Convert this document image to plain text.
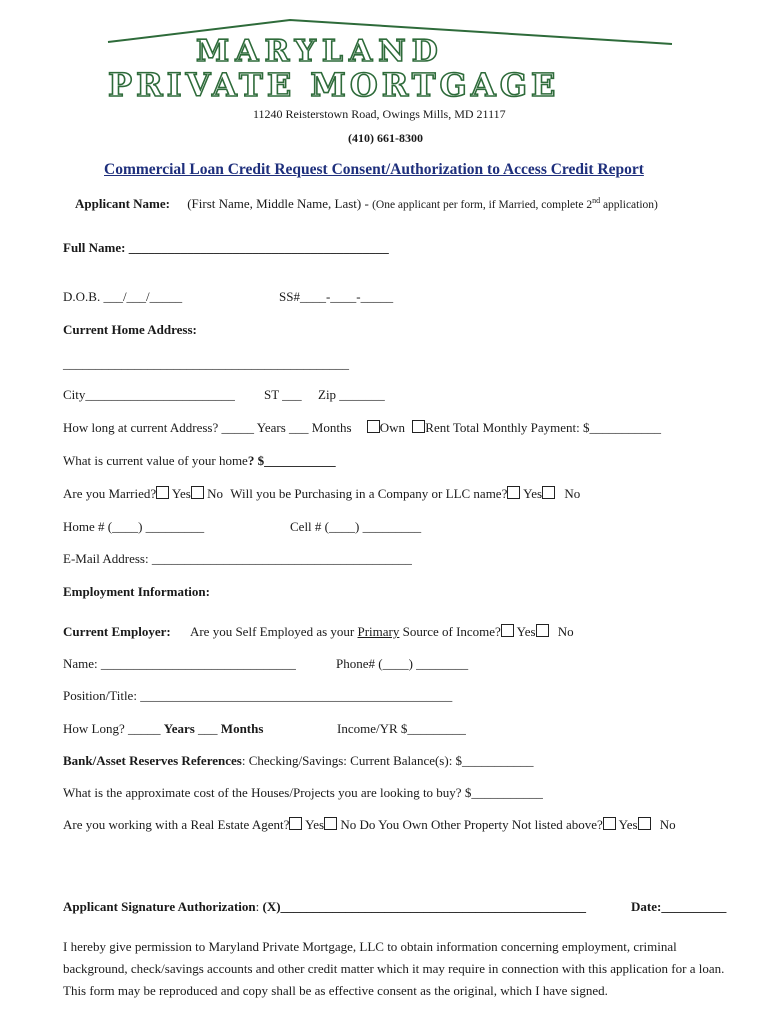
MARYLAND
PRIVATE MORTGAGE
11240 Reisterstown Road, Owings Mills, MD 21117
(410) 661-8300
Commercial Loan Credit Request Consent/Authorization to Access Credit Report
Applicant Name: (First Name, Middle Name, Last) - (One applicant per form, if Married, complete 2nd application)
Full Name: ________________________________________
D.O.B. ___/___/_____	SS#____-____-_____
Current Home Address:
____________________________________________
City_______________________ ST ___ Zip _______
How long at current Address? _____ Years ___ Months Own Rent Total Monthly Payment: $___________
What is current value of your home? $___________
Are you Married? Yes No Will you be Purchasing in a Company or LLC name? Yes No
Home # (____) _________	Cell # (____) _________
E-Mail Address: ________________________________________
Employment Information:
Current Employer: Are you Self Employed as your Primary Source of Income? Yes No
Name: ______________________________	Phone# (____) ________
Position/Title: ________________________________________________
How Long? _____ Years ___ Months	Income/YR $_________
Bank/Asset Reserves References: Checking/Savings: Current Balance(s): $___________
What is the approximate cost of the Houses/Projects you are looking to buy? $___________
Are you working with a Real Estate Agent? Yes No Do You Own Other Property Not listed above? Yes No
Applicant Signature Authorization: (X)_______________________________________________	Date:__________
I hereby give permission to Maryland Private Mortgage, LLC to obtain information concerning employment, criminal background, check/savings accounts and other credit matter which it may require in connection with this application for a loan. This form may be reproduced and copy shall be as effective consent as the original, which I have signed.
